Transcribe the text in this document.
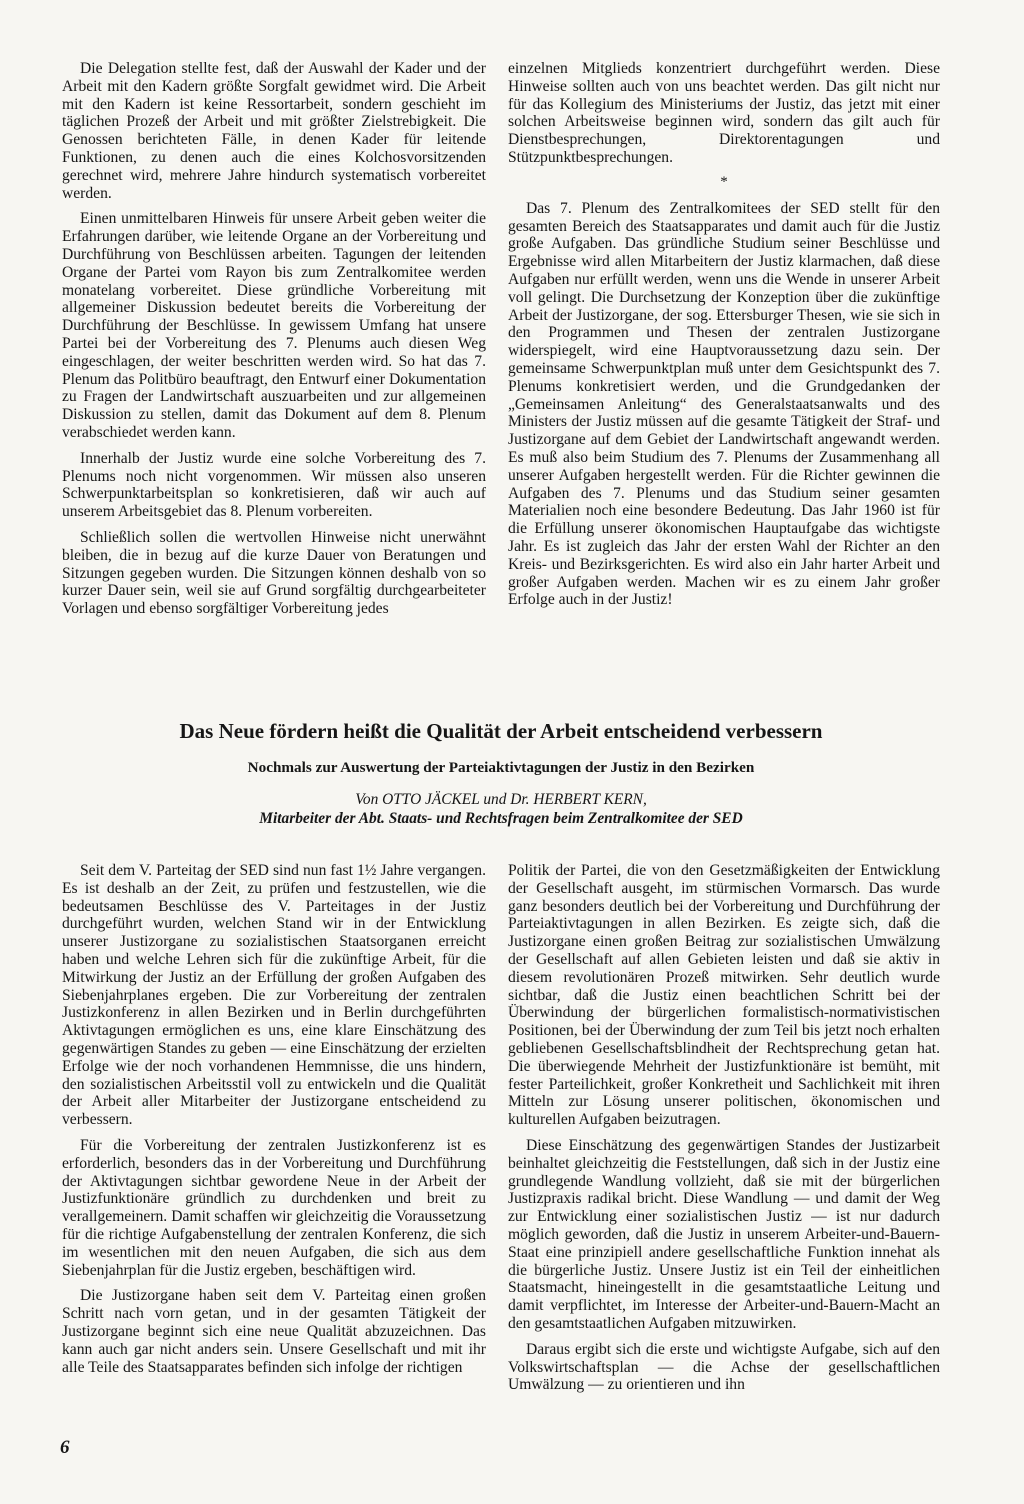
Die Delegation stellte fest, daß der Auswahl der Kader und der Arbeit mit den Kadern größte Sorgfalt gewidmet wird. Die Arbeit mit den Kadern ist keine Ressortarbeit, sondern geschieht im täglichen Prozeß der Arbeit und mit größter Zielstrebigkeit. Die Genossen berichteten Fälle, in denen Kader für leitende Funktionen, zu denen auch die eines Kolchosvorsitzenden gerechnet wird, mehrere Jahre hindurch systematisch vorbereitet werden.

Einen unmittelbaren Hinweis für unsere Arbeit geben weiter die Erfahrungen darüber, wie leitende Organe an der Vorbereitung und Durchführung von Beschlüssen arbeiten. Tagungen der leitenden Organe der Partei vom Rayon bis zum Zentralkomitee werden monatelang vorbereitet. Diese gründliche Vorbereitung mit allgemeiner Diskussion bedeutet bereits die Vorbereitung der Durchführung der Beschlüsse. In gewissem Umfang hat unsere Partei bei der Vorbereitung des 7. Plenums auch diesen Weg eingeschlagen, der weiter beschritten werden wird. So hat das 7. Plenum das Politbüro beauftragt, den Entwurf einer Dokumentation zu Fragen der Landwirtschaft auszuarbeiten und zur allgemeinen Diskussion zu stellen, damit das Dokument auf dem 8. Plenum verabschiedet werden kann.

Innerhalb der Justiz wurde eine solche Vorbereitung des 7. Plenums noch nicht vorgenommen. Wir müssen also unseren Schwerpunktarbeitsplan so konkretisieren, daß wir auch auf unserem Arbeitsgebiet das 8. Plenum vorbereiten.

Schließlich sollen die wertvollen Hinweise nicht unerwähnt bleiben, die in bezug auf die kurze Dauer von Beratungen und Sitzungen gegeben wurden. Die Sitzungen können deshalb von so kurzer Dauer sein, weil sie auf Grund sorgfältig durchgearbeiteter Vorlagen und ebenso sorgfältiger Vorbereitung jedes

einzelnen Mitglieds konzentriert durchgeführt werden. Diese Hinweise sollten auch von uns beachtet werden. Das gilt nicht nur für das Kollegium des Ministeriums der Justiz, das jetzt mit einer solchen Arbeitsweise beginnen wird, sondern das gilt auch für Dienstbesprechungen, Direktorentagungen und Stützpunktbesprechungen.

*

Das 7. Plenum des Zentralkomitees der SED stellt für den gesamten Bereich des Staatsapparates und damit auch für die Justiz große Aufgaben. Das gründliche Studium seiner Beschlüsse und Ergebnisse wird allen Mitarbeitern der Justiz klarmachen, daß diese Aufgaben nur erfüllt werden, wenn uns die Wende in unserer Arbeit voll gelingt. Die Durchsetzung der Konzeption über die zukünftige Arbeit der Justizorgane, der sog. Ettersburger Thesen, wie sie sich in den Programmen und Thesen der zentralen Justizorgane widerspiegelt, wird eine Hauptvoraussetzung dazu sein. Der gemeinsame Schwerpunktplan muß unter dem Gesichtspunkt des 7. Plenums konkretisiert werden, und die Grundgedanken der „Gemeinsamen Anleitung“ des Generalstaatsanwalts und des Ministers der Justiz müssen auf die gesamte Tätigkeit der Straf- und Justizorgane auf dem Gebiet der Landwirtschaft angewandt werden. Es muß also beim Studium des 7. Plenums der Zusammenhang all unserer Aufgaben hergestellt werden. Für die Richter gewinnen die Aufgaben des 7. Plenums und das Studium seiner gesamten Materialien noch eine besondere Bedeutung. Das Jahr 1960 ist für die Erfüllung unserer ökonomischen Hauptaufgabe das wichtigste Jahr. Es ist zugleich das Jahr der ersten Wahl der Richter an den Kreis- und Bezirksgerichten. Es wird also ein Jahr harter Arbeit und großer Aufgaben werden. Machen wir es zu einem Jahr großer Erfolge auch in der Justiz!

Das Neue fördern heißt die Qualität der Arbeit entscheidend verbessern
Nochmals zur Auswertung der Parteiaktivtagungen der Justiz in den Bezirken
Von OTTO JÄCKEL und Dr. HERBERT KERN,
Mitarbeiter der Abt. Staats- und Rechtsfragen beim Zentralkomitee der SED

Seit dem V. Parteitag der SED sind nun fast 1½ Jahre vergangen. Es ist deshalb an der Zeit, zu prüfen und festzustellen, wie die bedeutsamen Beschlüsse des V. Parteitages in der Justiz durchgeführt wurden, welchen Stand wir in der Entwicklung unserer Justizorgane zu sozialistischen Staatsorganen erreicht haben und welche Lehren sich für die zukünftige Arbeit, für die Mitwirkung der Justiz an der Erfüllung der großen Aufgaben des Siebenjahrplanes ergeben. Die zur Vorbereitung der zentralen Justizkonferenz in allen Bezirken und in Berlin durchgeführten Aktivtagungen ermöglichen es uns, eine klare Einschätzung des gegenwärtigen Standes zu geben — eine Einschätzung der erzielten Erfolge wie der noch vorhandenen Hemmnisse, die uns hindern, den sozialistischen Arbeitsstil voll zu entwickeln und die Qualität der Arbeit aller Mitarbeiter der Justizorgane entscheidend zu verbessern.

Für die Vorbereitung der zentralen Justizkonferenz ist es erforderlich, besonders das in der Vorbereitung und Durchführung der Aktivtagungen sichtbar gewordene Neue in der Arbeit der Justizfunktionäre gründlich zu durchdenken und breit zu verallgemeinern. Damit schaffen wir gleichzeitig die Voraussetzung für die richtige Aufgabenstellung der zentralen Konferenz, die sich im wesentlichen mit den neuen Aufgaben, die sich aus dem Siebenjahrplan für die Justiz ergeben, beschäftigen wird.

Die Justizorgane haben seit dem V. Parteitag einen großen Schritt nach vorn getan, und in der gesamten Tätigkeit der Justizorgane beginnt sich eine neue Qualität abzuzeichnen. Das kann auch gar nicht anders sein. Unsere Gesellschaft und mit ihr alle Teile des Staatsapparates befinden sich infolge der richtigen

Politik der Partei, die von den Gesetzmäßigkeiten der Entwicklung der Gesellschaft ausgeht, im stürmischen Vormarsch. Das wurde ganz besonders deutlich bei der Vorbereitung und Durchführung der Parteiaktivtagungen in allen Bezirken. Es zeigte sich, daß die Justizorgane einen großen Beitrag zur sozialistischen Umwälzung der Gesellschaft auf allen Gebieten leisten und daß sie aktiv in diesem revolutionären Prozeß mitwirken. Sehr deutlich wurde sichtbar, daß die Justiz einen beachtlichen Schritt bei der Überwindung der bürgerlichen formalistisch-normativistischen Positionen, bei der Überwindung der zum Teil bis jetzt noch erhalten gebliebenen Gesellschaftsblindheit der Rechtsprechung getan hat. Die überwiegende Mehrheit der Justizfunktionäre ist bemüht, mit fester Parteilichkeit, großer Konkretheit und Sachlichkeit mit ihren Mitteln zur Lösung unserer politischen, ökonomischen und kulturellen Aufgaben beizutragen.

Diese Einschätzung des gegenwärtigen Standes der Justizarbeit beinhaltet gleichzeitig die Feststellungen, daß sich in der Justiz eine grundlegende Wandlung vollzieht, daß sie mit der bürgerlichen Justizpraxis radikal bricht. Diese Wandlung — und damit der Weg zur Entwicklung einer sozialistischen Justiz — ist nur dadurch möglich geworden, daß die Justiz in unserem Arbeiter-und-Bauern-Staat eine prinzipiell andere gesellschaftliche Funktion innehat als die bürgerliche Justiz. Unsere Justiz ist ein Teil der einheitlichen Staatsmacht, hineingestellt in die gesamtstaatliche Leitung und damit verpflichtet, im Interesse der Arbeiter-und-Bauern-Macht an den gesamtstaatlichen Aufgaben mitzuwirken.

Daraus ergibt sich die erste und wichtigste Aufgabe, sich auf den Volkswirtschaftsplan — die Achse der gesellschaftlichen Umwälzung — zu orientieren und ihn

6
